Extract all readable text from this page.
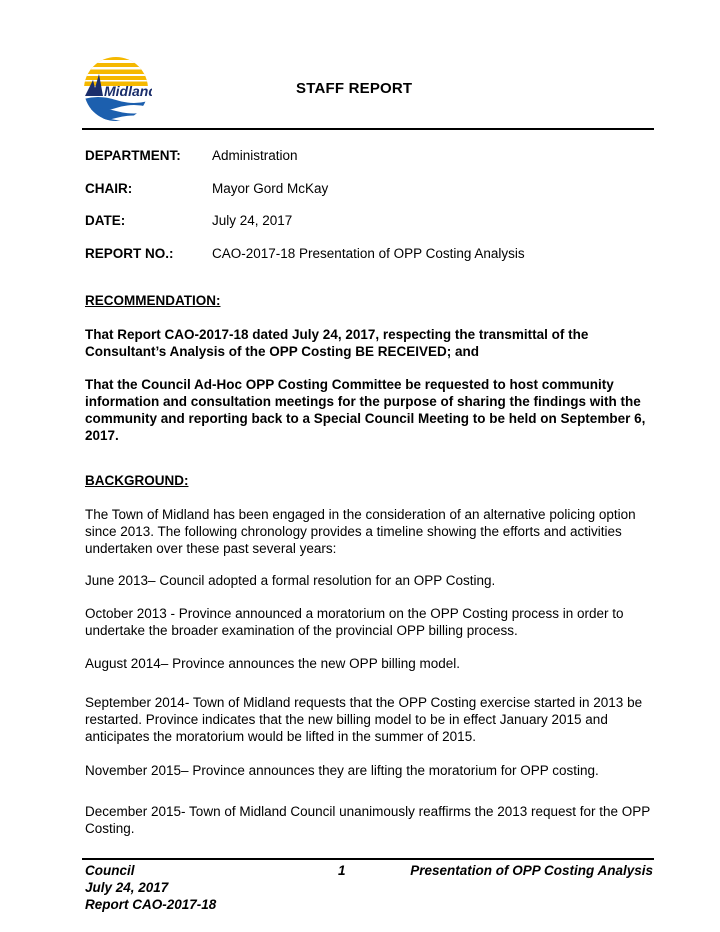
Midland	STAFF REPORT
DEPARTMENT: Administration
CHAIR:	Mayor Gord McKay
DATE:	July 24, 2017
REPORT NO.:	CAO-2017-18 Presentation of OPP Costing Analysis
RECOMMENDATION:
That Report CAO-2017-18 dated July 24, 2017, respecting the transmittal of the Consultant’s Analysis of the OPP Costing BE RECEIVED; and
That the Council Ad-Hoc OPP Costing Committee be requested to host community information and consultation meetings for the purpose of sharing the findings with the community and reporting back to a Special Council Meeting to be held on September 6, 2017.
BACKGROUND:
The Town of Midland has been engaged in the consideration of an alternative policing option since 2013. The following chronology provides a timeline showing the efforts and activities undertaken over these past several years:
June 2013– Council adopted a formal resolution for an OPP Costing.
October 2013 - Province announced a moratorium on the OPP Costing process in order to undertake the broader examination of the provincial OPP billing process.
August 2014– Province announces the new OPP billing model.
September 2014- Town of Midland requests that the OPP Costing exercise started in 2013 be restarted. Province indicates that the new billing model to be in effect January 2015 and anticipates the moratorium would be lifted in the summer of 2015.
November 2015– Province announces they are lifting the moratorium for OPP costing.
December 2015- Town of Midland Council unanimously reaffirms the 2013 request for the OPP Costing.
Council
July 24, 2017
Report CAO-2017-18
1	Presentation of OPP Costing Analysis
